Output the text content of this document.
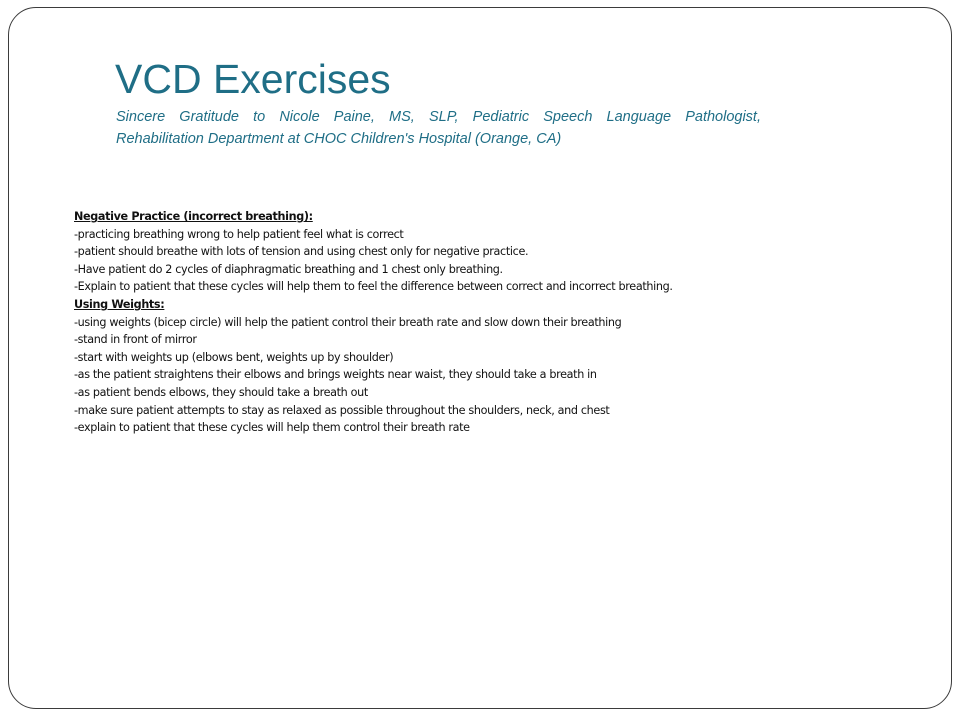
VCD Exercises

Sincere Gratitude to Nicole Paine, MS, SLP, Pediatric Speech Language Pathologist,
Rehabilitation Department at CHOC Children's Hospital (Orange, CA)

Negative Practice (incorrect breathing):
-practicing breathing wrong to help patient feel what is correct
-patient should breathe with lots of tension and using chest only for negative practice.
-Have patient do 2 cycles of diaphragmatic breathing and 1 chest only breathing.
-Explain to patient that these cycles will help them to feel the difference between correct and incorrect breathing.
Using Weights:
-using weights (bicep circle) will help the patient control their breath rate and slow down their breathing
-stand in front of mirror
-start with weights up (elbows bent, weights up by shoulder)
-as the patient straightens their elbows and brings weights near waist, they should take a breath in
-as patient bends elbows, they should take a breath out
-make sure patient attempts to stay as relaxed as possible throughout the shoulders, neck, and chest
-explain to patient that these cycles will help them control their breath rate
